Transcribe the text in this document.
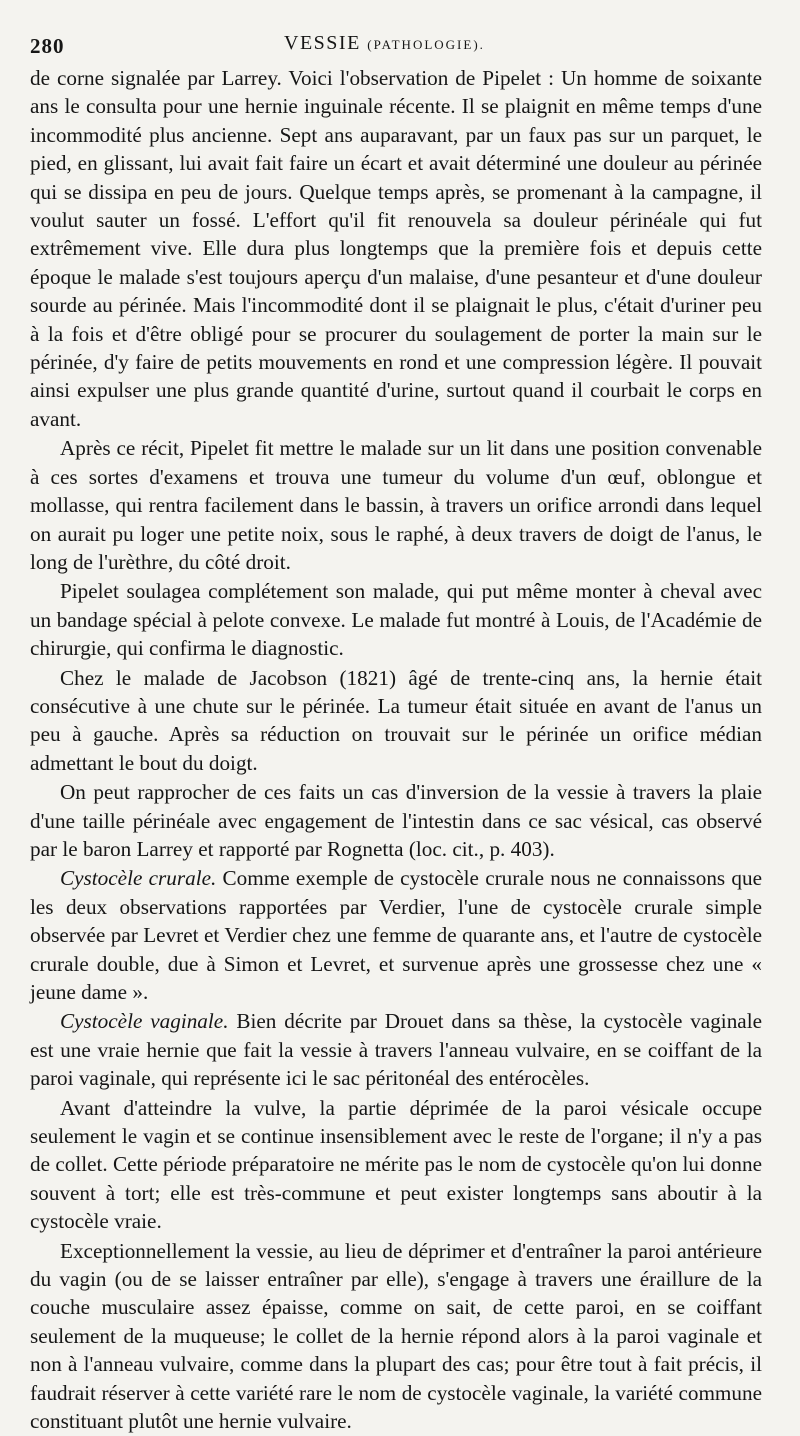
280	VESSIE (PATHOLOGIE).

de corne signalée par Larrey. Voici l'observation de Pipelet : Un homme de soixante ans le consulta pour une hernie inguinale récente. Il se plaignit en même temps d'une incommodité plus ancienne. Sept ans auparavant, par un faux pas sur un parquet, le pied, en glissant, lui avait fait faire un écart et avait déterminé une douleur au périnée qui se dissipa en peu de jours. Quelque temps après, se promenant à la campagne, il voulut sauter un fossé. L'effort qu'il fit renouvela sa douleur périnéale qui fut extrêmement vive. Elle dura plus longtemps que la première fois et depuis cette époque le malade s'est toujours aperçu d'un malaise, d'une pesanteur et d'une douleur sourde au périnée. Mais l'incommodité dont il se plaignait le plus, c'était d'uriner peu à la fois et d'être obligé pour se procurer du soulagement de porter la main sur le périnée, d'y faire de petits mouvements en rond et une compression légère. Il pouvait ainsi expulser une plus grande quantité d'urine, surtout quand il courbait le corps en avant.

Après ce récit, Pipelet fit mettre le malade sur un lit dans une position convenable à ces sortes d'examens et trouva une tumeur du volume d'un œuf, oblongue et mollasse, qui rentra facilement dans le bassin, à travers un orifice arrondi dans lequel on aurait pu loger une petite noix, sous le raphé, à deux travers de doigt de l'anus, le long de l'urèthre, du côté droit.

Pipelet soulagea complétement son malade, qui put même monter à cheval avec un bandage spécial à pelote convexe. Le malade fut montré à Louis, de l'Académie de chirurgie, qui confirma le diagnostic.

Chez le malade de Jacobson (1821) âgé de trente-cinq ans, la hernie était consécutive à une chute sur le périnée. La tumeur était située en avant de l'anus un peu à gauche. Après sa réduction on trouvait sur le périnée un orifice médian admettant le bout du doigt.

On peut rapprocher de ces faits un cas d'inversion de la vessie à travers la plaie d'une taille périnéale avec engagement de l'intestin dans ce sac vésical, cas observé par le baron Larrey et rapporté par Rognetta (loc. cit., p. 403).

Cystocèle crurale. Comme exemple de cystocèle crurale nous ne connaissons que les deux observations rapportées par Verdier, l'une de cystocèle crurale simple observée par Levret et Verdier chez une femme de quarante ans, et l'autre de cystocèle crurale double, due à Simon et Levret, et survenue après une grossesse chez une « jeune dame ».

Cystocèle vaginale. Bien décrite par Drouet dans sa thèse, la cystocèle vaginale est une vraie hernie que fait la vessie à travers l'anneau vulvaire, en se coiffant de la paroi vaginale, qui représente ici le sac péritonéal des entérocèles.

Avant d'atteindre la vulve, la partie déprimée de la paroi vésicale occupe seulement le vagin et se continue insensiblement avec le reste de l'organe; il n'y a pas de collet. Cette période préparatoire ne mérite pas le nom de cystocèle qu'on lui donne souvent à tort; elle est très-commune et peut exister longtemps sans aboutir à la cystocèle vraie.

Exceptionnellement la vessie, au lieu de déprimer et d'entraîner la paroi antérieure du vagin (ou de se laisser entraîner par elle), s'engage à travers une éraillure de la couche musculaire assez épaisse, comme on sait, de cette paroi, en se coiffant seulement de la muqueuse; le collet de la hernie répond alors à la paroi vaginale et non à l'anneau vulvaire, comme dans la plupart des cas; pour être tout à fait précis, il faudrait réserver à cette variété rare le nom de cystocèle vaginale, la variété commune constituant plutôt une hernie vulvaire.
